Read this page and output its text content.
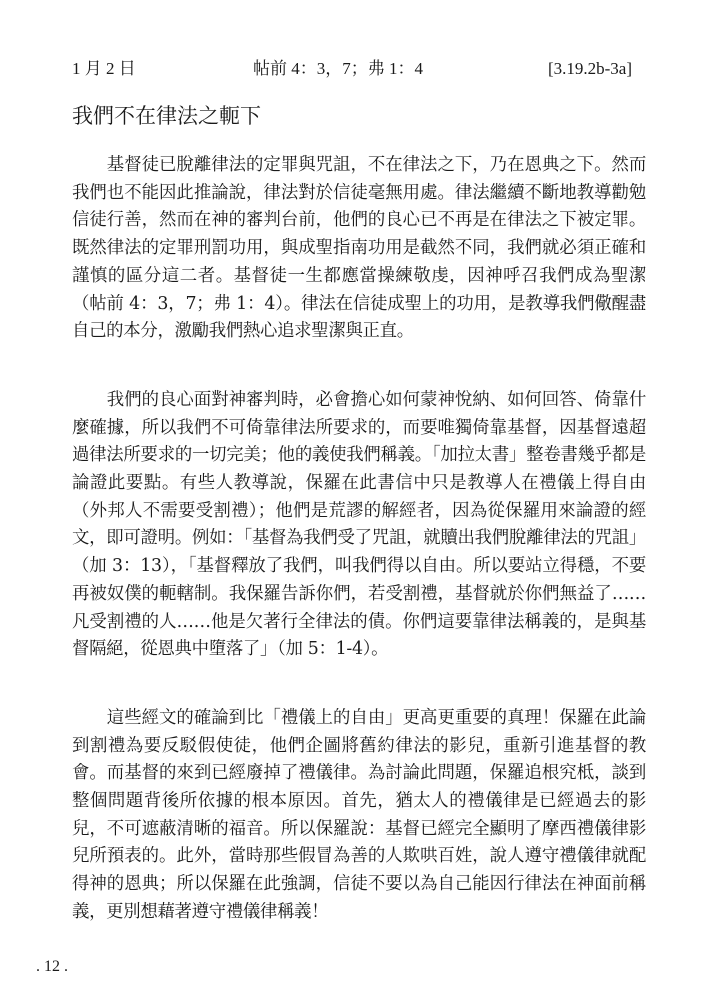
1 月 2 日	帖前 4：3，7；弗 1：4	[3.19.2b-3a]
我們不在律法之軛下

基督徒已脫離律法的定罪與咒詛，不在律法之下，乃在恩典之下。然而我們也不能因此推論說，律法對於信徒毫無用處。律法繼續不斷地教導勸勉信徒行善，然而在神的審判台前，他們的良心已不再是在律法之下被定罪。既然律法的定罪刑罰功用，與成聖指南功用是截然不同，我們就必須正確和謹慎的區分這二者。基督徒一生都應當操練敬虔，因神呼召我們成為聖潔（帖前 4：3，7；弗 1：4）。律法在信徒成聖上的功用，是教導我們儆醒盡自己的本分，激勵我們熱心追求聖潔與正直。

我們的良心面對神審判時，必會擔心如何蒙神悅納、如何回答、倚靠什麼確據，所以我們不可倚靠律法所要求的，而要唯獨倚靠基督，因基督遠超過律法所要求的一切完美；他的義使我們稱義。「加拉太書」整卷書幾乎都是論證此要點。有些人教導說，保羅在此書信中只是教導人在禮儀上得自由（外邦人不需要受割禮）；他們是荒謬的解經者，因為從保羅用來論證的經文，即可證明。例如：「基督為我們受了咒詛，就贖出我們脫離律法的咒詛」（加 3：13），「基督釋放了我們，叫我們得以自由。所以要站立得穩，不要再被奴僕的軛轄制。我保羅告訴你們，若受割禮，基督就於你們無益了……凡受割禮的人……他是欠著行全律法的債。你們這要靠律法稱義的，是與基督隔絕，從恩典中墮落了」（加 5：1-4）。

這些經文的確論到比「禮儀上的自由」更高更重要的真理！保羅在此論到割禮為要反駁假使徒，他們企圖將舊約律法的影兒，重新引進基督的教會。而基督的來到已經廢掉了禮儀律。為討論此問題，保羅追根究柢，談到整個問題背後所依據的根本原因。首先，猶太人的禮儀律是已經過去的影兒，不可遮蔽清晰的福音。所以保羅說：基督已經完全顯明了摩西禮儀律影兒所預表的。此外，當時那些假冒為善的人欺哄百姓，說人遵守禮儀律就配得神的恩典；所以保羅在此強調，信徒不要以為自己能因行律法在神面前稱義，更別想藉著遵守禮儀律稱義！

. 12 .
